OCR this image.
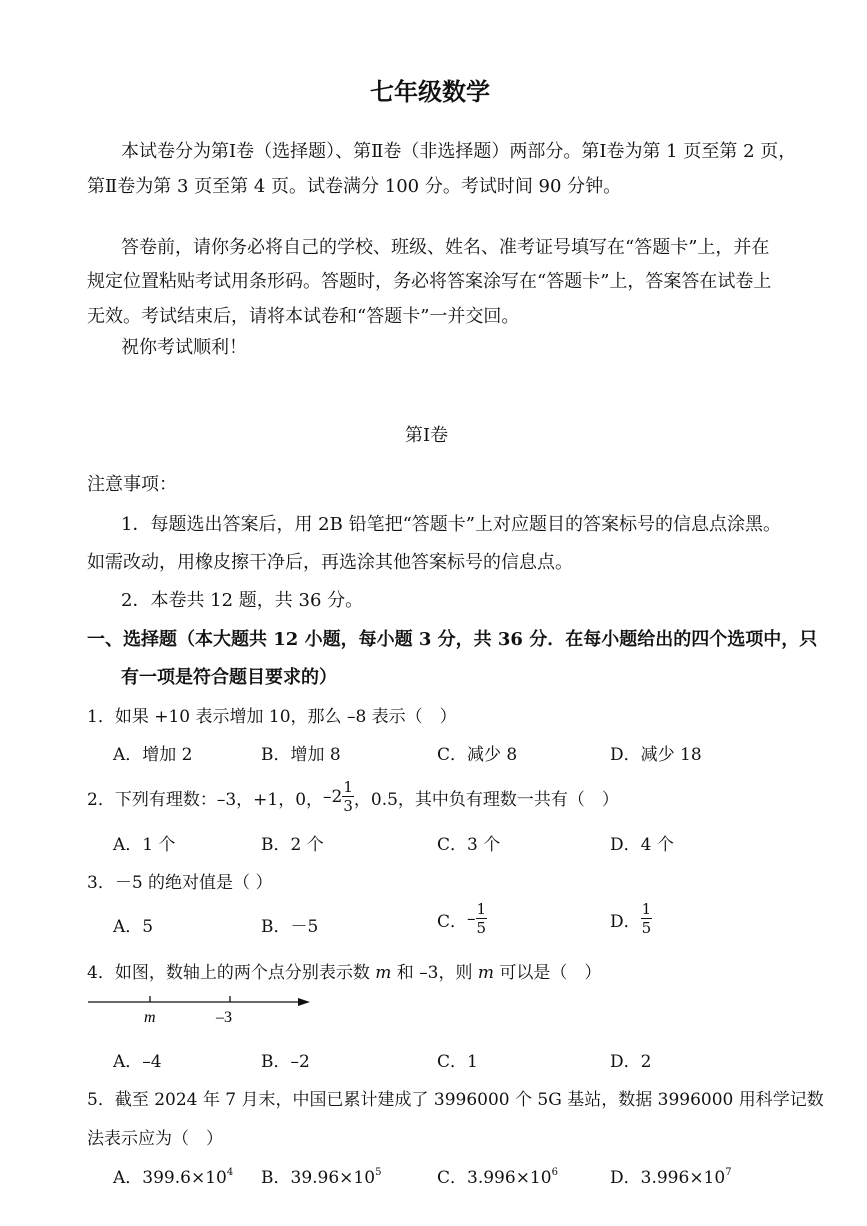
七年级数学
本试卷分为第Ⅰ卷（选择题）、第Ⅱ卷（非选择题）两部分。第Ⅰ卷为第 1 页至第 2 页，
第Ⅱ卷为第 3 页至第 4 页。试卷满分 100 分。考试时间 90 分钟。
答卷前，请你务必将自己的学校、班级、姓名、准考证号填写在“答题卡”上，并在
规定位置粘贴考试用条形码。答题时，务必将答案涂写在“答题卡”上，答案答在试卷上
无效。考试结束后，请将本试卷和“答题卡”一并交回。
祝你考试顺利！
第Ⅰ卷
注意事项：
1．每题选出答案后，用 2B 铅笔把“答题卡”上对应题目的答案标号的信息点涂黑。
如需改动，用橡皮擦干净后，再选涂其他答案标号的信息点。
2．本卷共 12 题，共 36 分。
一、选择题（本大题共 12 小题，每小题 3 分，共 36 分．在每小题给出的四个选项中，只
有一项是符合题目要求的）
1．如果 +10 表示增加 10，那么 –8 表示（　）
A．增加 2	B．增加 8	C．减少 8	D．减少 18
2．下列有理数：–3，+1，0， $-2 \frac{1}{3}$ ，0.5，其中负有理数一共有（　）
A．1 个	B．2 个	C．3 个	D．4 个
3．－5 的绝对值是（ ）
A．5	B．－5	C． – $\frac{1}{5}$	D． $\frac{1}{5}$
4．如图，数轴上的两个点分别表示数 m 和 –3，则 m 可以是（　）
m	–3
A．–4	B．–2	C．1	D．2
5．截至 2024 年 7 月末，中国已累计建成了 3996000 个 5G 基站，数据 3996000 用科学记数
法表示应为（　）
A．$399.6\times 10^4$ B．$39.96\times 10^5$	C．$3.996\times 10^6$	D．$3.996\times 10^7$
